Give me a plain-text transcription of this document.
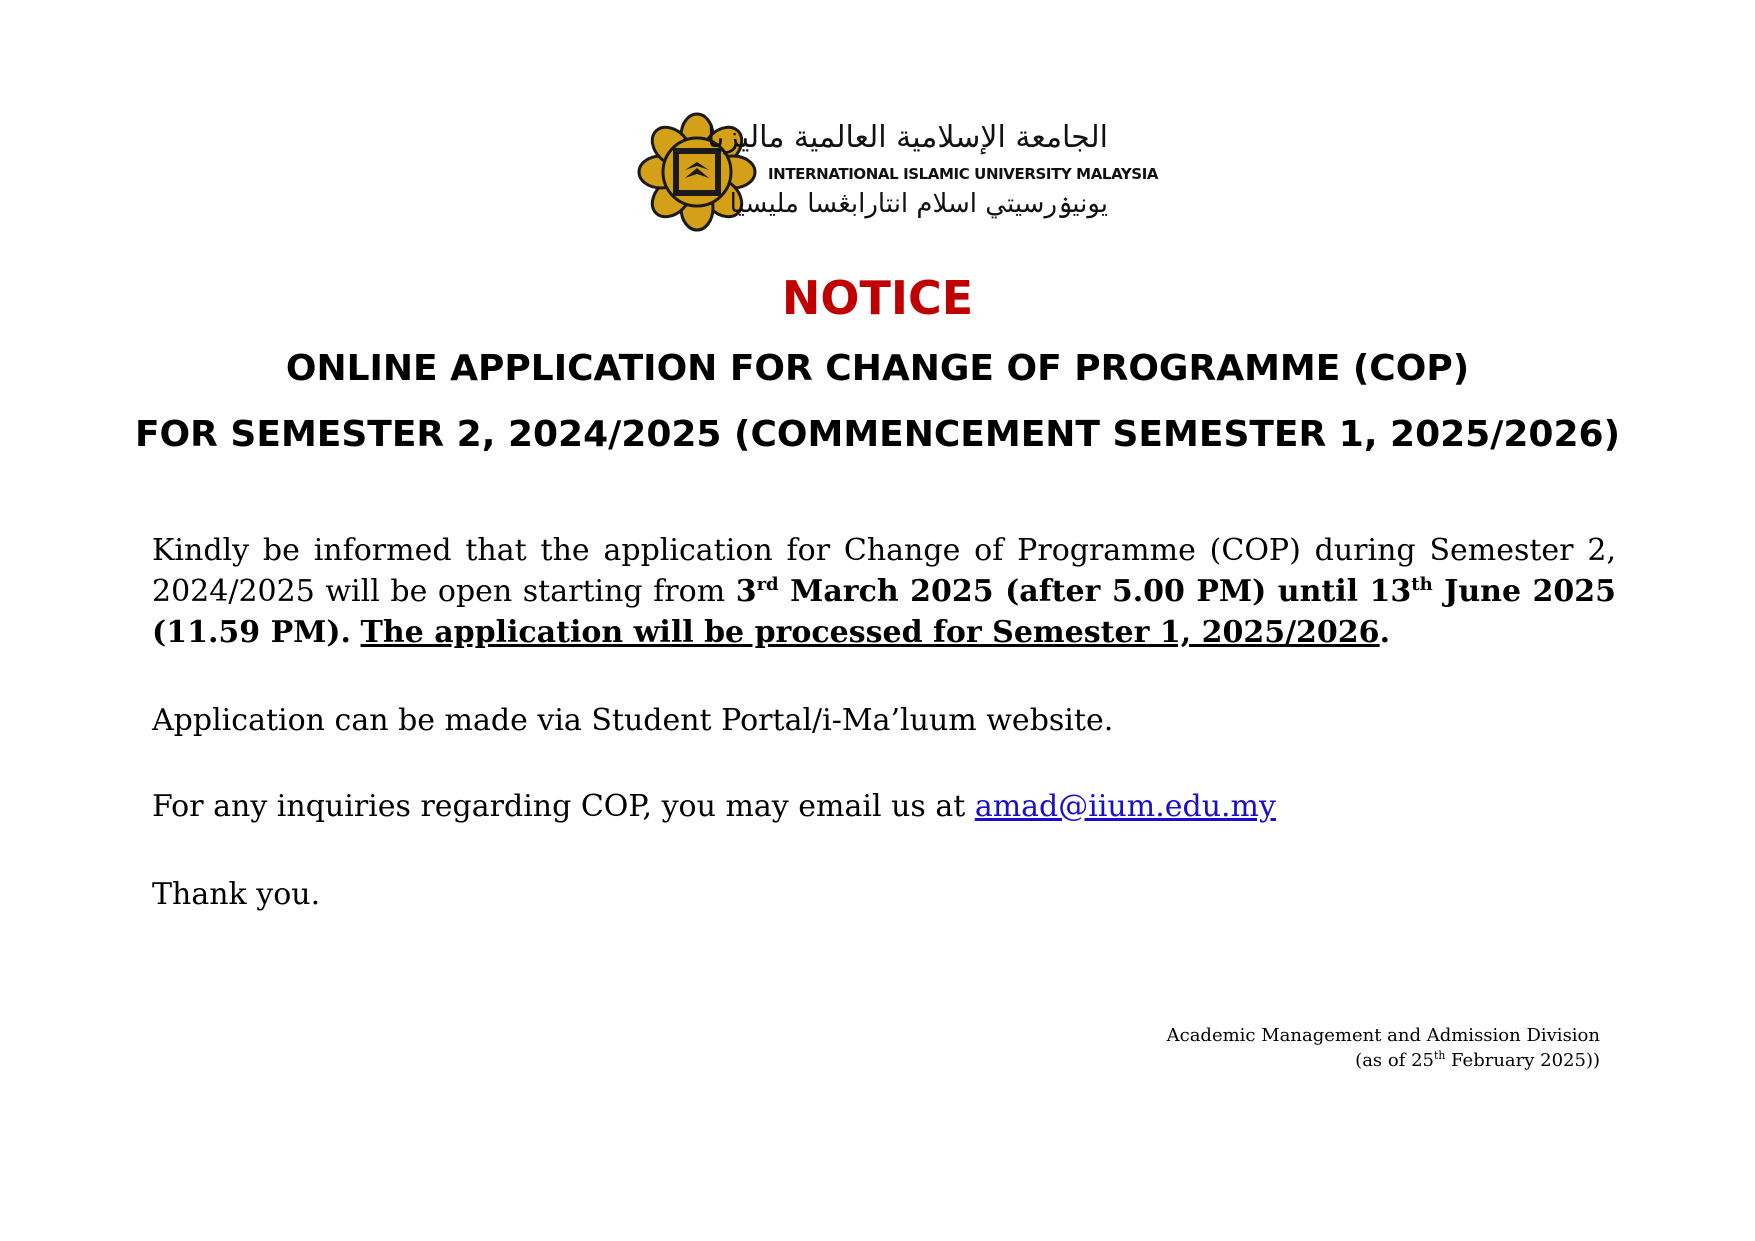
الجامعة الإسلامية العالمية ماليزيا
INTERNATIONAL ISLAMIC UNIVERSITY MALAYSIA
يونيۏرسيتي اسلام انتارابڠسا مليسيا
NOTICE
ONLINE APPLICATION FOR CHANGE OF PROGRAMME (COP)
FOR SEMESTER 2, 2024/2025 (COMMENCEMENT SEMESTER 1, 2025/2026)
Kindly be informed that the application for Change of Programme (COP) during Semester 2, 2024/2025 will be open starting from 3rd March 2025 (after 5.00 PM) until 13th June 2025 (11.59 PM). The application will be processed for Semester 1, 2025/2026.
Application can be made via Student Portal/i-Ma’luum website.
For any inquiries regarding COP, you may email us at amad@iium.edu.my
Thank you.
Academic Management and Admission Division
(as of 25th February 2025))
